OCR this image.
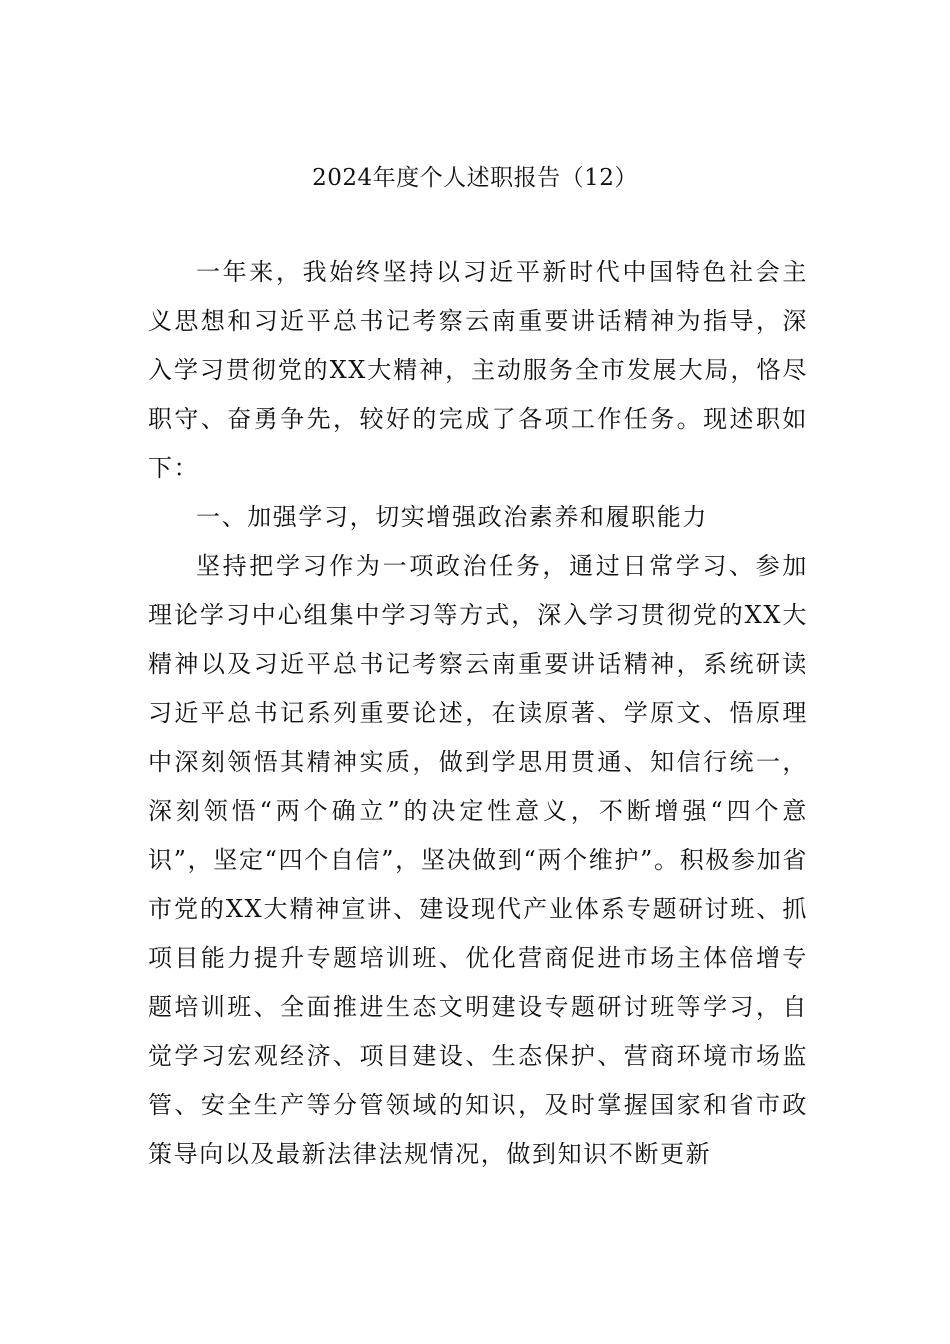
2024年度个人述职报告（12）

一年来，我始终坚持以习近平新时代中国特色社会主义思想和习近平总书记考察云南重要讲话精神为指导，深入学习贯彻党的XX大精神，主动服务全市发展大局，恪尽职守、奋勇争先，较好的完成了各项工作任务。现述职如下：

一、加强学习，切实增强政治素养和履职能力

坚持把学习作为一项政治任务，通过日常学习、参加理论学习中心组集中学习等方式，深入学习贯彻党的XX大精神以及习近平总书记考察云南重要讲话精神，系统研读习近平总书记系列重要论述，在读原著、学原文、悟原理中深刻领悟其精神实质，做到学思用贯通、知信行统一，深刻领悟“两个确立”的决定性意义，不断增强“四个意识”，坚定“四个自信”，坚决做到“两个维护”。积极参加省市党的XX大精神宣讲、建设现代产业体系专题研讨班、抓项目能力提升专题培训班、优化营商促进市场主体倍增专题培训班、全面推进生态文明建设专题研讨班等学习，自觉学习宏观经济、项目建设、生态保护、营商环境市场监管、安全生产等分管领域的知识，及时掌握国家和省市政策导向以及最新法律法规情况，做到知识不断更新
